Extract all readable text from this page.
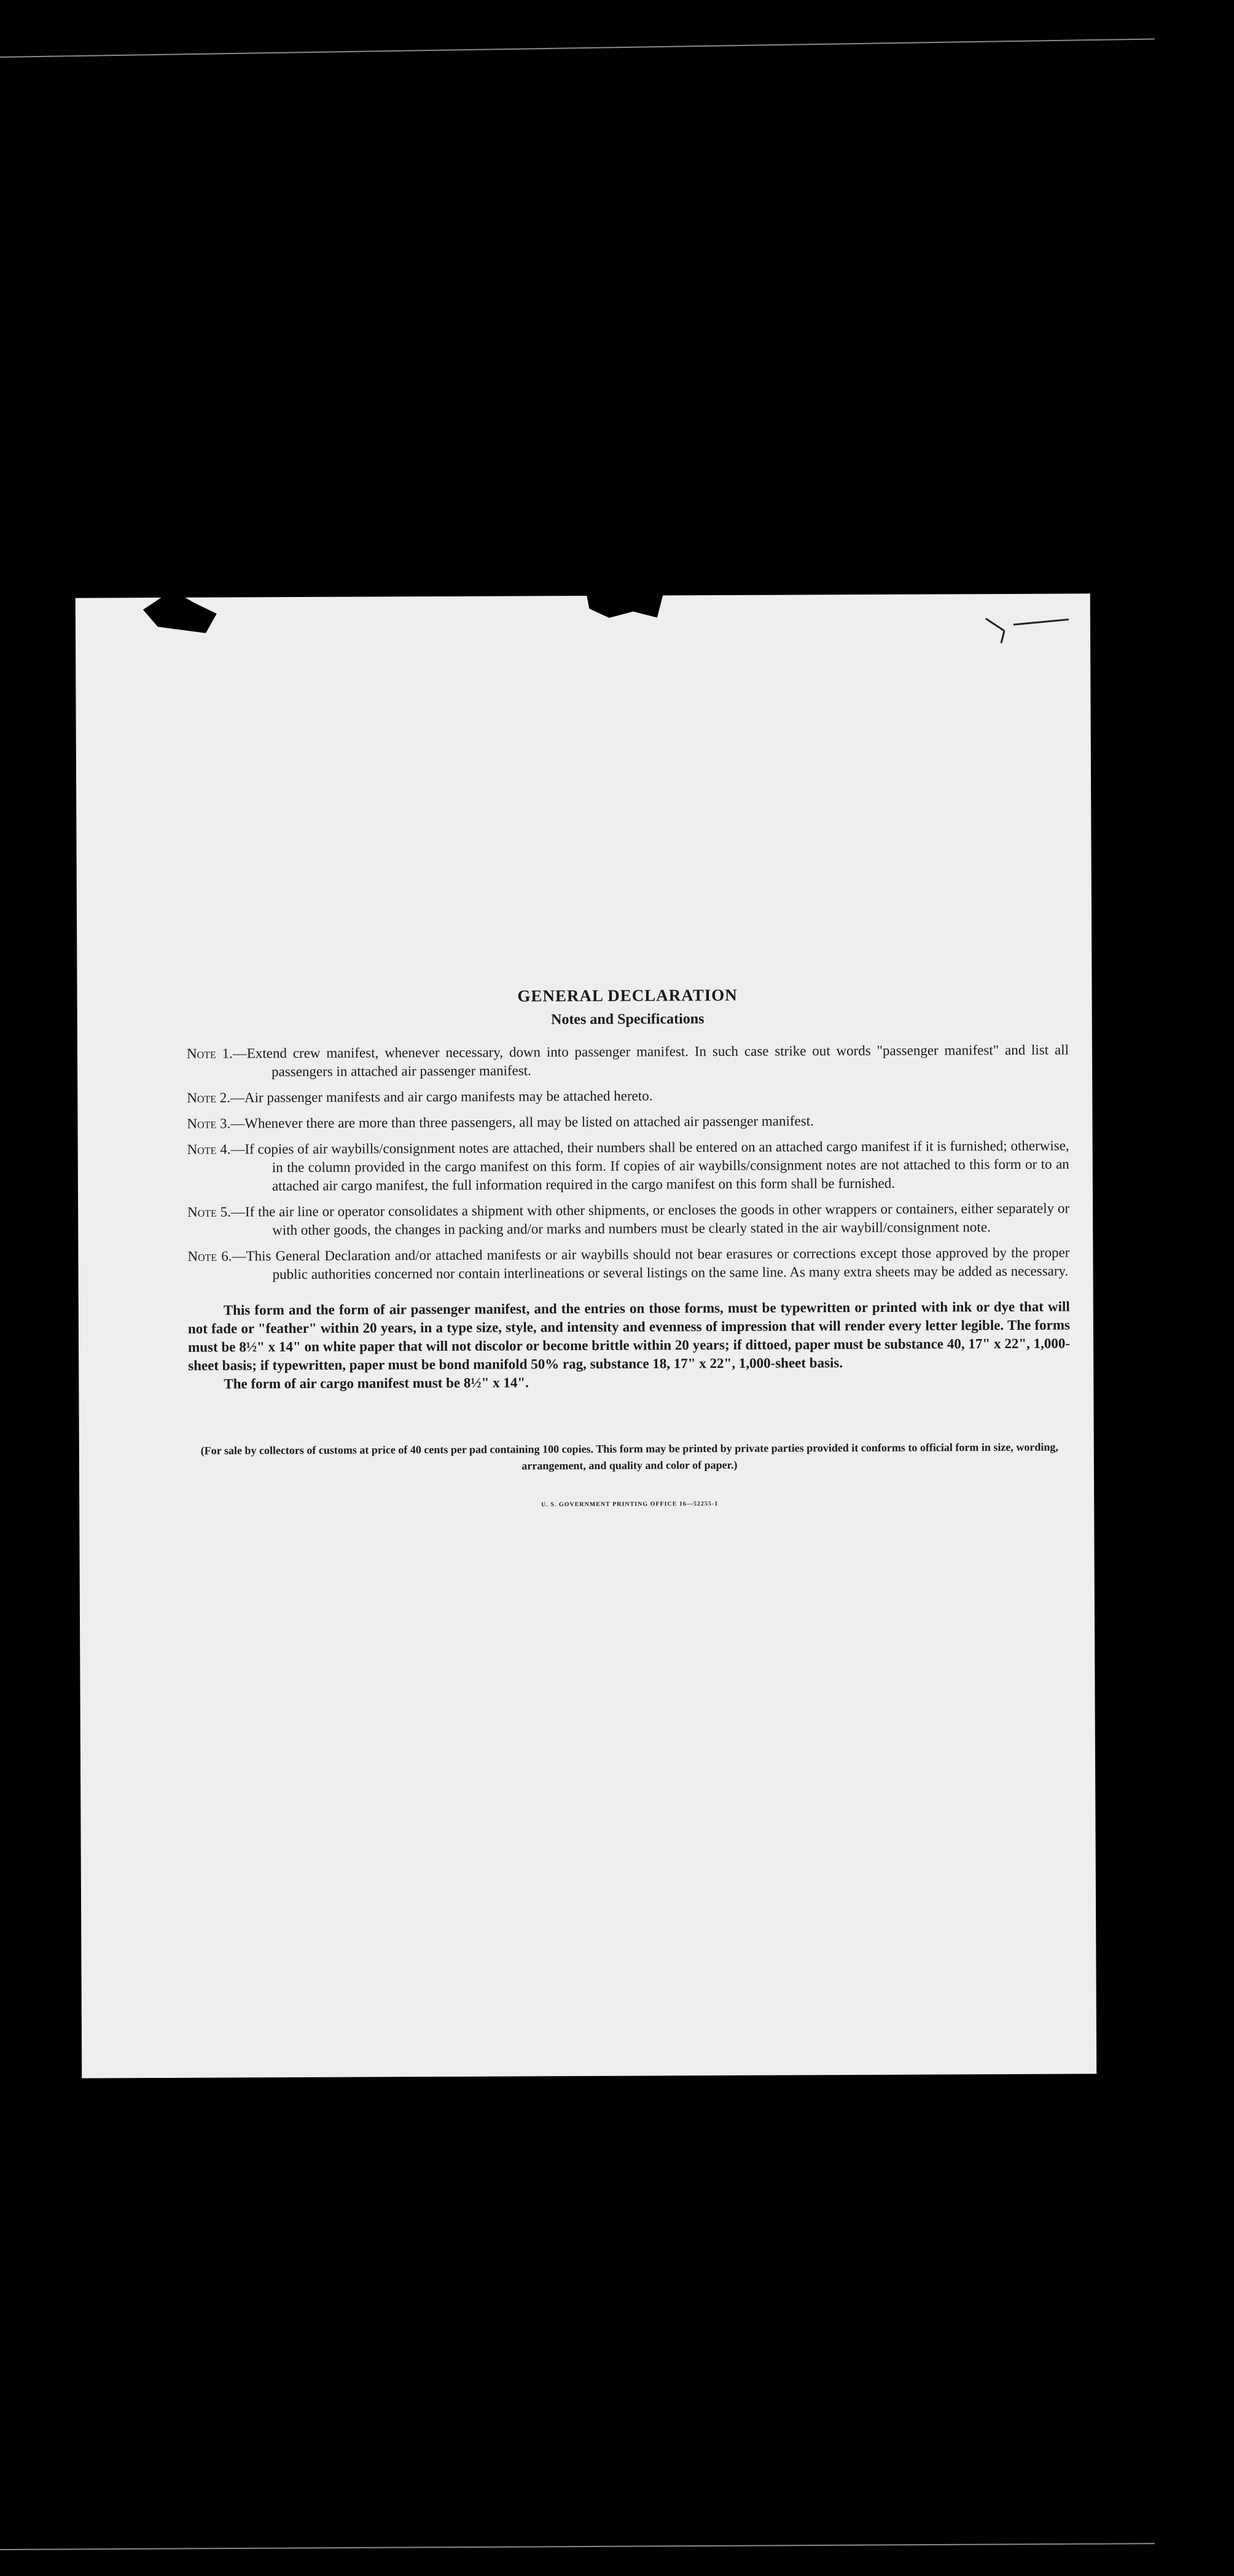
GENERAL DECLARATION
Notes and Specifications

Note 1.—Extend crew manifest, whenever necessary, down into passenger manifest. In such case strike out words "passenger manifest" and list all passengers in attached air passenger manifest.

Note 2.—Air passenger manifests and air cargo manifests may be attached hereto.

Note 3.—Whenever there are more than three passengers, all may be listed on attached air passenger manifest.

Note 4.—If copies of air waybills/consignment notes are attached, their numbers shall be entered on an attached cargo manifest if it is furnished; otherwise, in the column provided in the cargo manifest on this form. If copies of air waybills/consignment notes are not attached to this form or to an attached air cargo manifest, the full information required in the cargo manifest on this form shall be furnished.

Note 5.—If the air line or operator consolidates a shipment with other shipments, or encloses the goods in other wrappers or containers, either separately or with other goods, the changes in packing and/or marks and numbers must be clearly stated in the air waybill/consignment note.

Note 6.—This General Declaration and/or attached manifests or air waybills should not bear erasures or corrections except those approved by the proper public authorities concerned nor contain interlineations or several listings on the same line. As many extra sheets may be added as necessary.

This form and the form of air passenger manifest, and the entries on those forms, must be typewritten or printed with ink or dye that will not fade or "feather" within 20 years, in a type size, style, and intensity and evenness of impression that will render every letter legible. The forms must be 8½" x 14" on white paper that will not discolor or become brittle within 20 years; if dittoed, paper must be substance 40, 17" x 22", 1,000-sheet basis; if typewritten, paper must be bond manifold 50% rag, substance 18, 17" x 22", 1,000-sheet basis.

The form of air cargo manifest must be 8½" x 14".

(For sale by collectors of customs at price of 40 cents per pad containing 100 copies. This form may be printed by private parties provided it conforms to official form in size, wording, arrangement, and quality and color of paper.)

U. S. GOVERNMENT PRINTING OFFICE 16—52255-1
